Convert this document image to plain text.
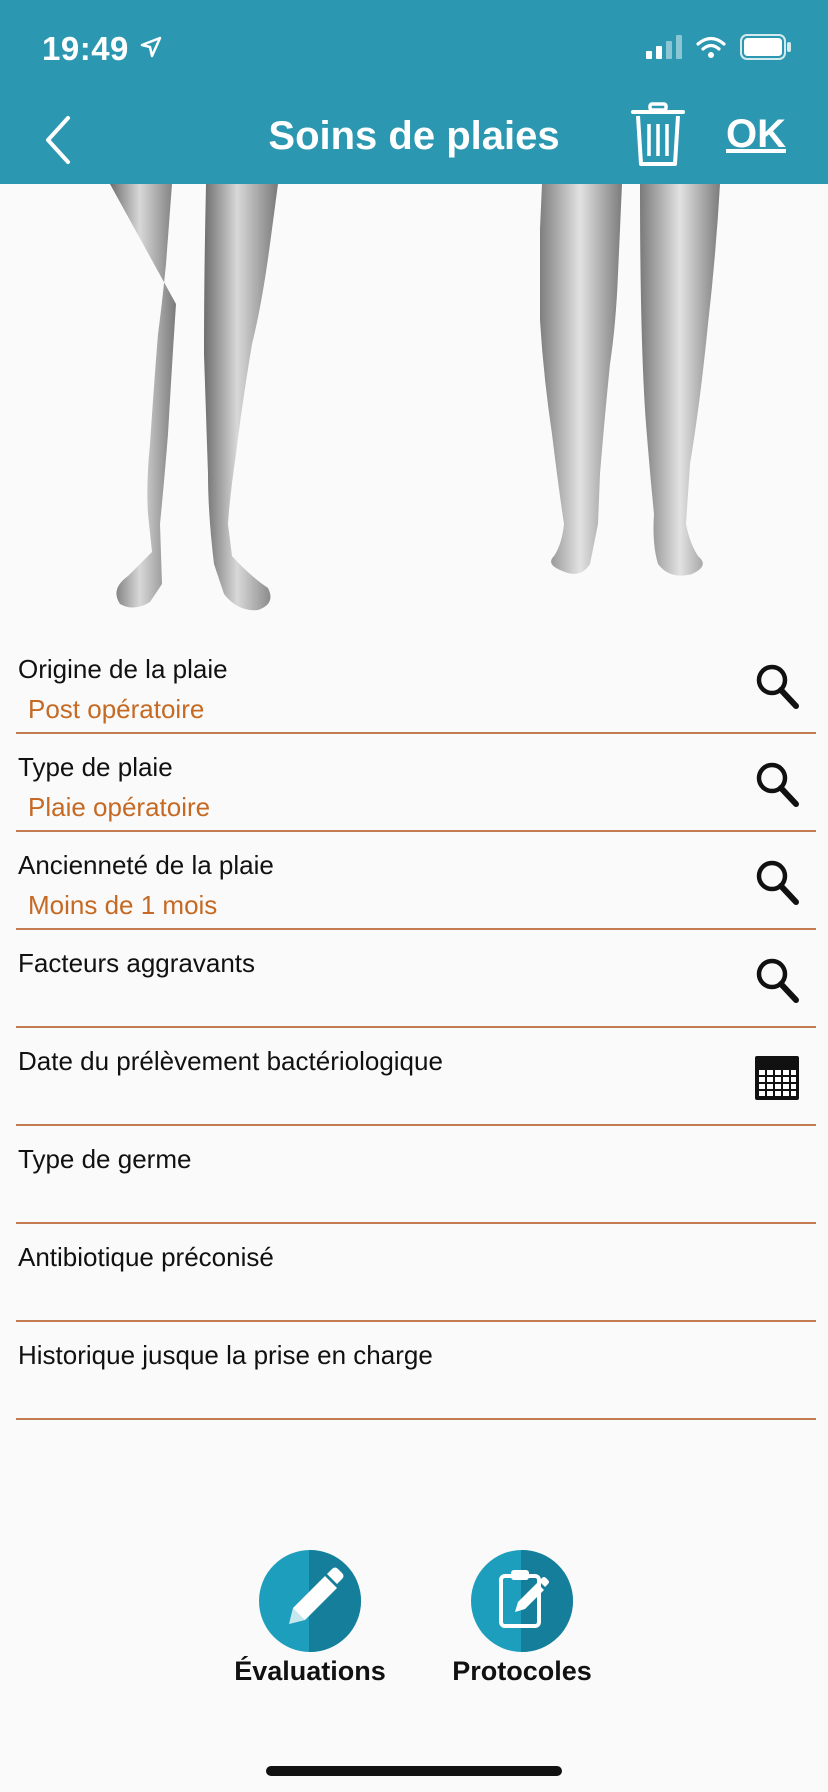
19:49
Soins de plaies	OK
Origine de la plaie
Post opératoire
Type de plaie
Plaie opératoire
Ancienneté de la plaie
Moins de 1 mois
Facteurs aggravants
Date du prélèvement bactériologique
Type de germe
Antibiotique préconisé
Historique jusque la prise en charge
Évaluations	Protocoles
